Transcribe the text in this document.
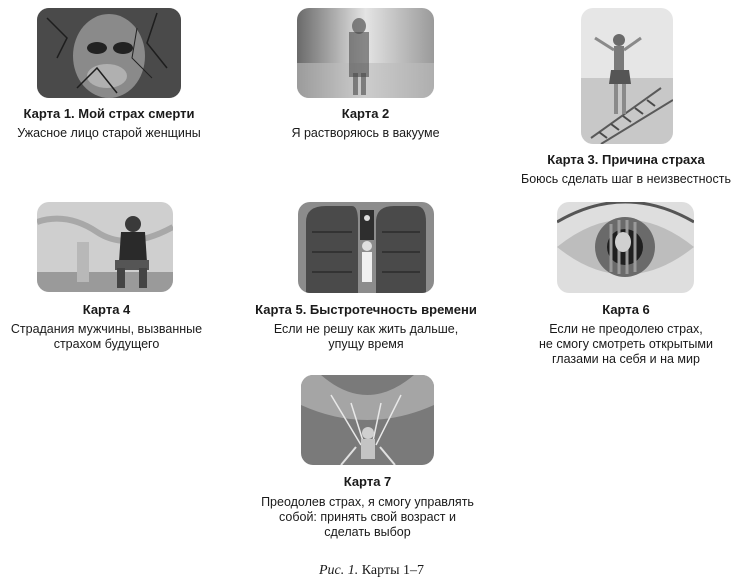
Карта 1. Мой страх смерти
Ужасное лицо старой женщины
Карта 2
Я растворяюсь в вакууме
Карта 3. Причина страха
Боюсь сделать шаг в неизвестность
Карта 4
Страдания мужчины, вызванные
страхом будущего
Карта 5. Быстротечность времени
Если не решу как жить дальше,
упущу время
Карта 6
Если не преодолею страх,
не смогу смотреть открытыми
глазами на себя и на мир
Карта 7
Преодолев страх, я смогу управлять
собой: принять свой возраст и
сделать выбор
Рис. 1. Карты 1–7
